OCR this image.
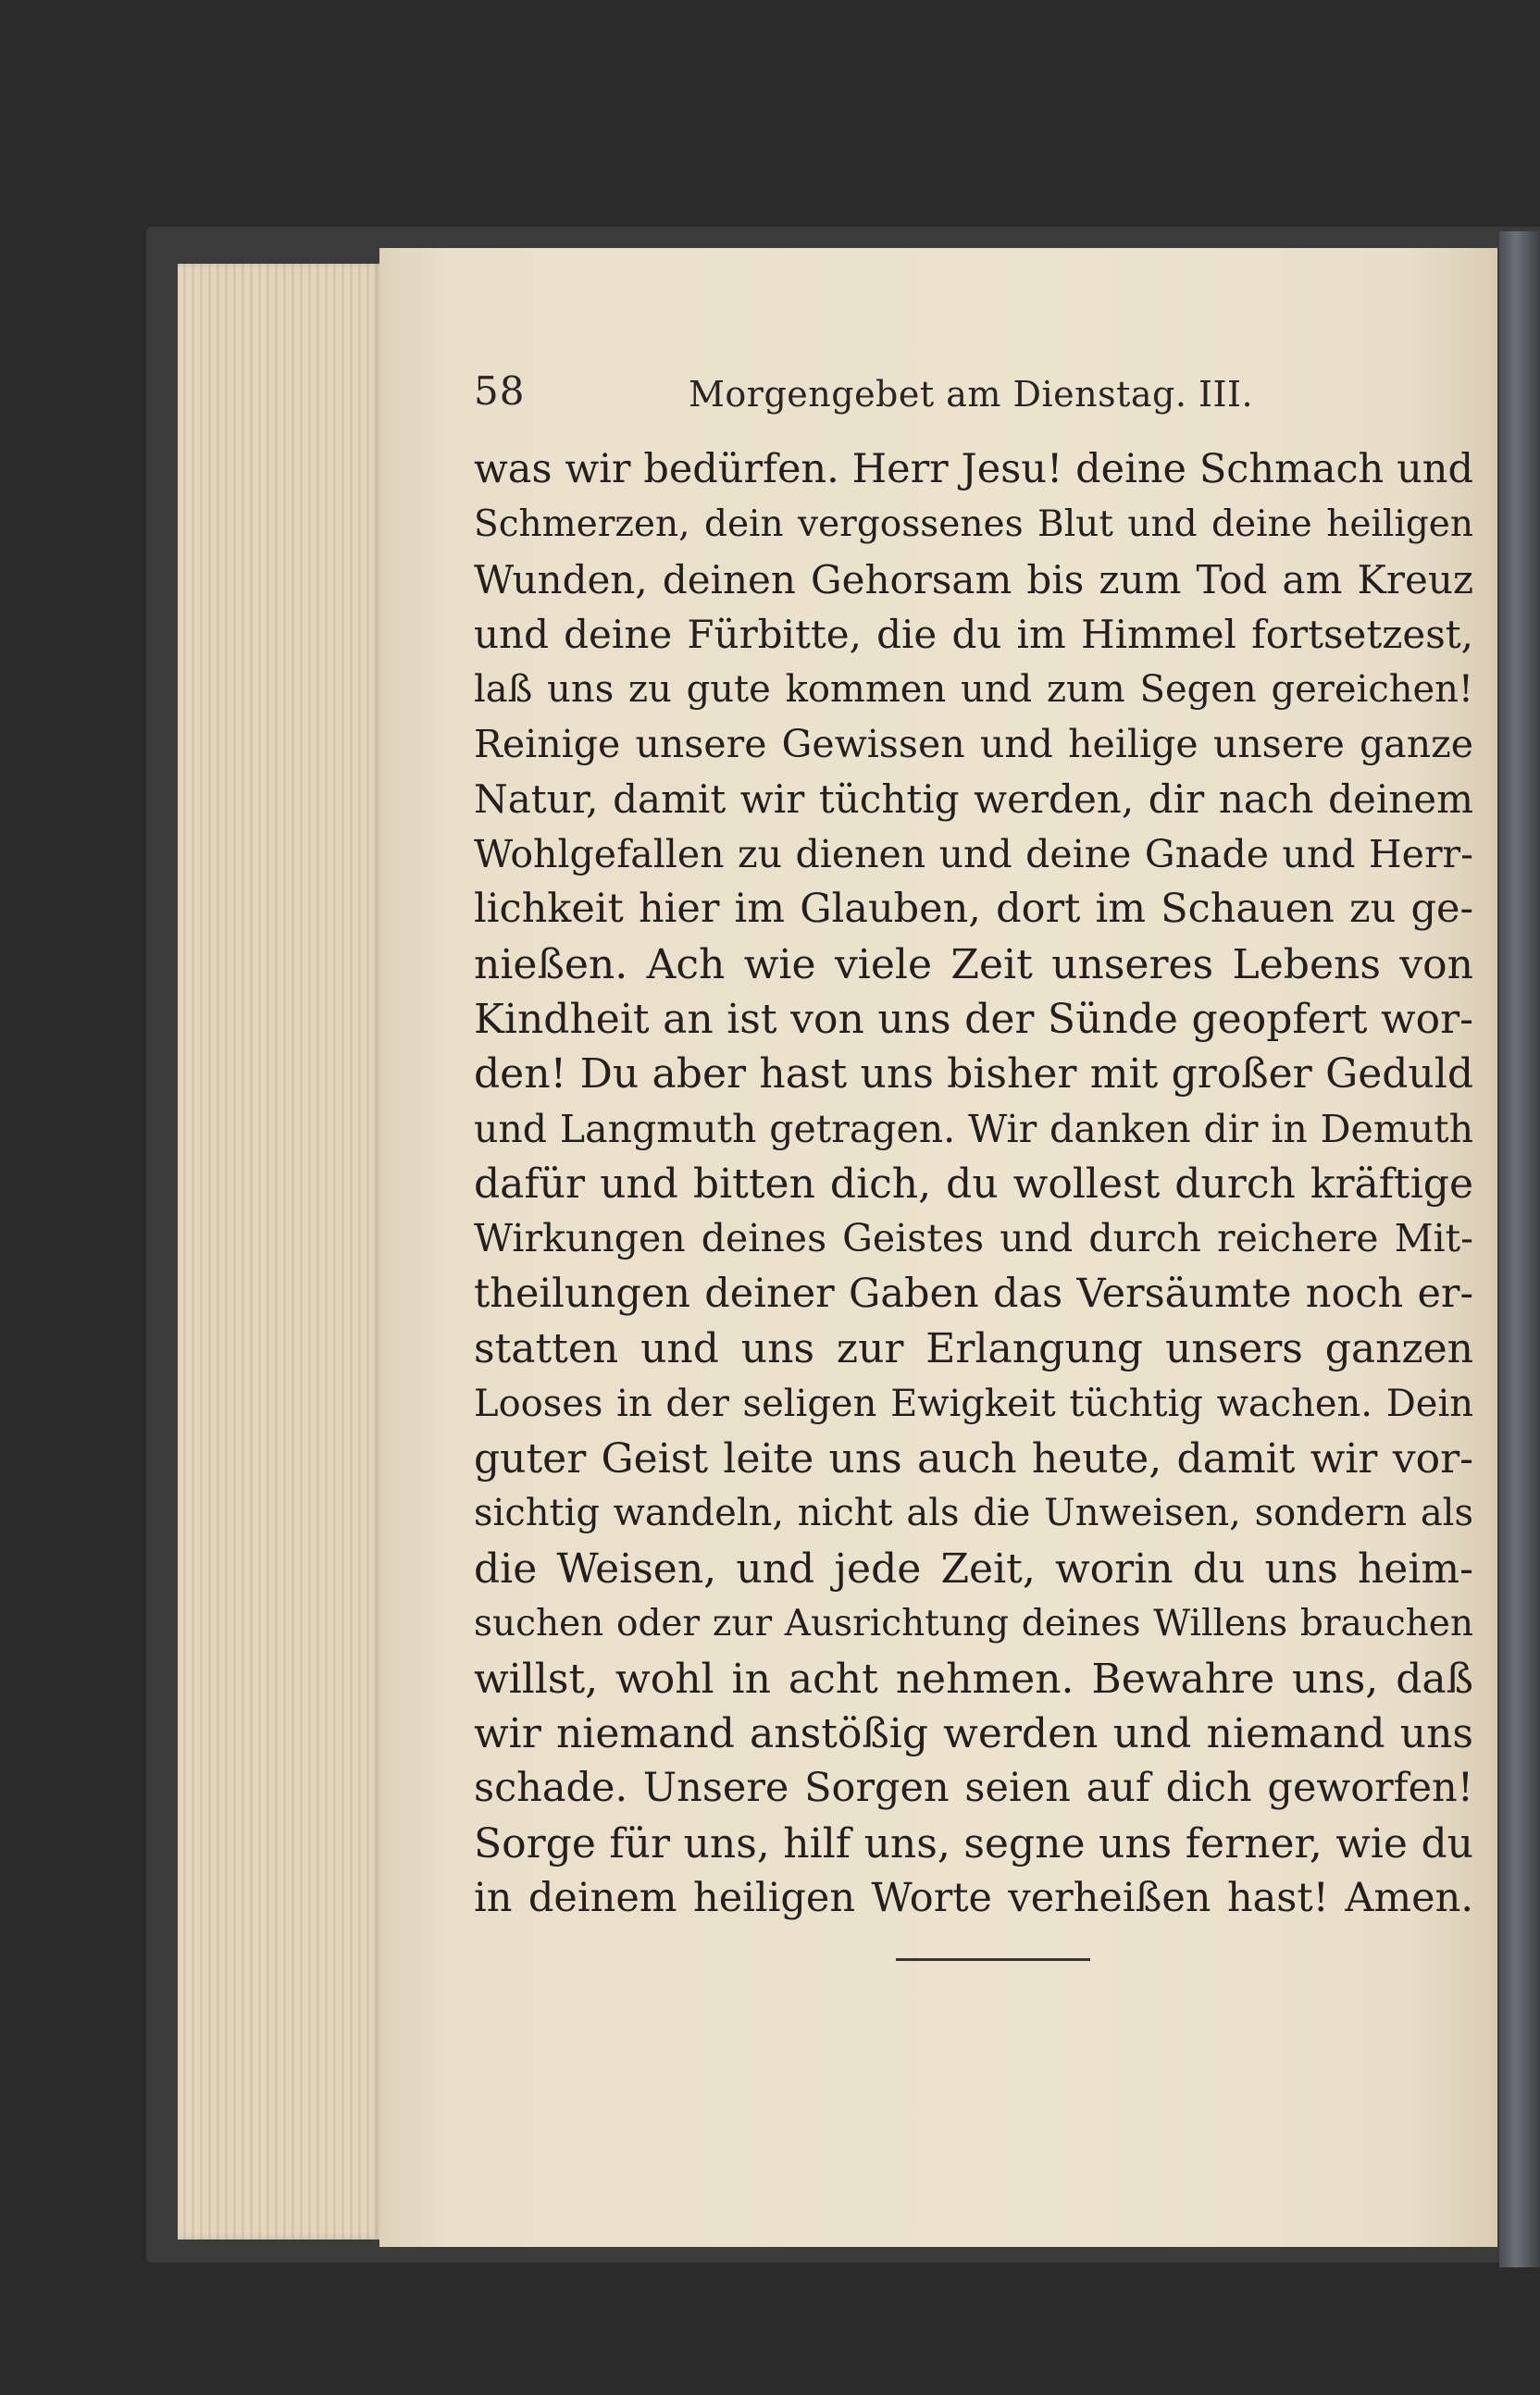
58	Morgengebet am Dienstag. III.
was wir bedürfen. Herr Jesu! deine Schmach und
Schmerzen, dein vergossenes Blut und deine heiligen
Wunden, deinen Gehorsam bis zum Tod am Kreuz
und deine Fürbitte, die du im Himmel fortsetzest,
laß uns zu gute kommen und zum Segen gereichen!
Reinige unsere Gewissen und heilige unsere ganze
Natur, damit wir tüchtig werden, dir nach deinem
Wohlgefallen zu dienen und deine Gnade und Herr-
lichkeit hier im Glauben, dort im Schauen zu ge-
nießen. Ach wie viele Zeit unseres Lebens von
Kindheit an ist von uns der Sünde geopfert wor-
den! Du aber hast uns bisher mit großer Geduld
und Langmuth getragen. Wir danken dir in Demuth
dafür und bitten dich, du wollest durch kräftige
Wirkungen deines Geistes und durch reichere Mit-
theilungen deiner Gaben das Versäumte noch er-
statten und uns zur Erlangung unsers ganzen
Looses in der seligen Ewigkeit tüchtig wachen. Dein
guter Geist leite uns auch heute, damit wir vor-
sichtig wandeln, nicht als die Unweisen, sondern als
die Weisen, und jede Zeit, worin du uns heim-
suchen oder zur Ausrichtung deines Willens brauchen
willst, wohl in acht nehmen. Bewahre uns, daß
wir niemand anstößig werden und niemand uns
schade. Unsere Sorgen seien auf dich geworfen!
Sorge für uns, hilf uns, segne uns ferner, wie du
in deinem heiligen Worte verheißen hast! Amen.
